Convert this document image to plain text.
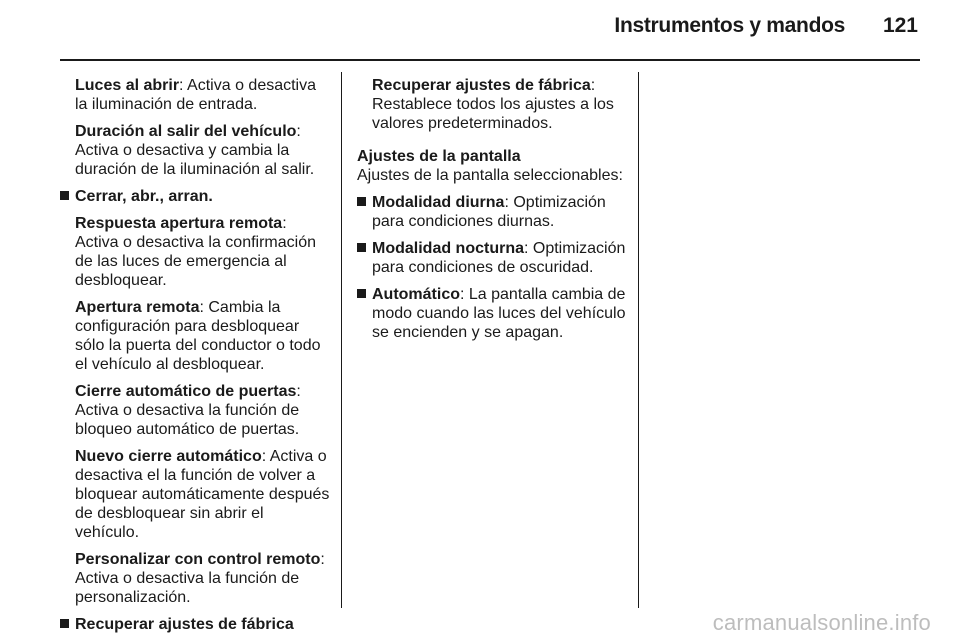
Instrumentos y mandos	121

Luces al abrir: Activa o desactiva la iluminación de entrada.

Duración al salir del vehículo: Activa o desactiva y cambia la duración de la iluminación al salir.

Cerrar, abr., arran.

Respuesta apertura remota: Activa o desactiva la confirmación de las luces de emergencia al desbloquear.

Apertura remota: Cambia la configuración para desbloquear sólo la puerta del conductor o todo el vehículo al desbloquear.

Cierre automático de puertas: Activa o desactiva la función de bloqueo automático de puertas.

Nuevo cierre automático: Activa o desactiva el la función de volver a bloquear automáticamente después de desbloquear sin abrir el vehículo.

Personalizar con control remoto: Activa o desactiva la función de personalización.

Recuperar ajustes de fábrica

Recuperar ajustes de fábrica: Restablece todos los ajustes a los valores predeterminados.

Ajustes de la pantalla

Ajustes de la pantalla seleccionables:

Modalidad diurna: Optimización para condiciones diurnas.
Modalidad nocturna: Optimización para condiciones de oscuridad.
Automático: La pantalla cambia de modo cuando las luces del vehículo se encienden y se apagan.
carmanualsonline.info
